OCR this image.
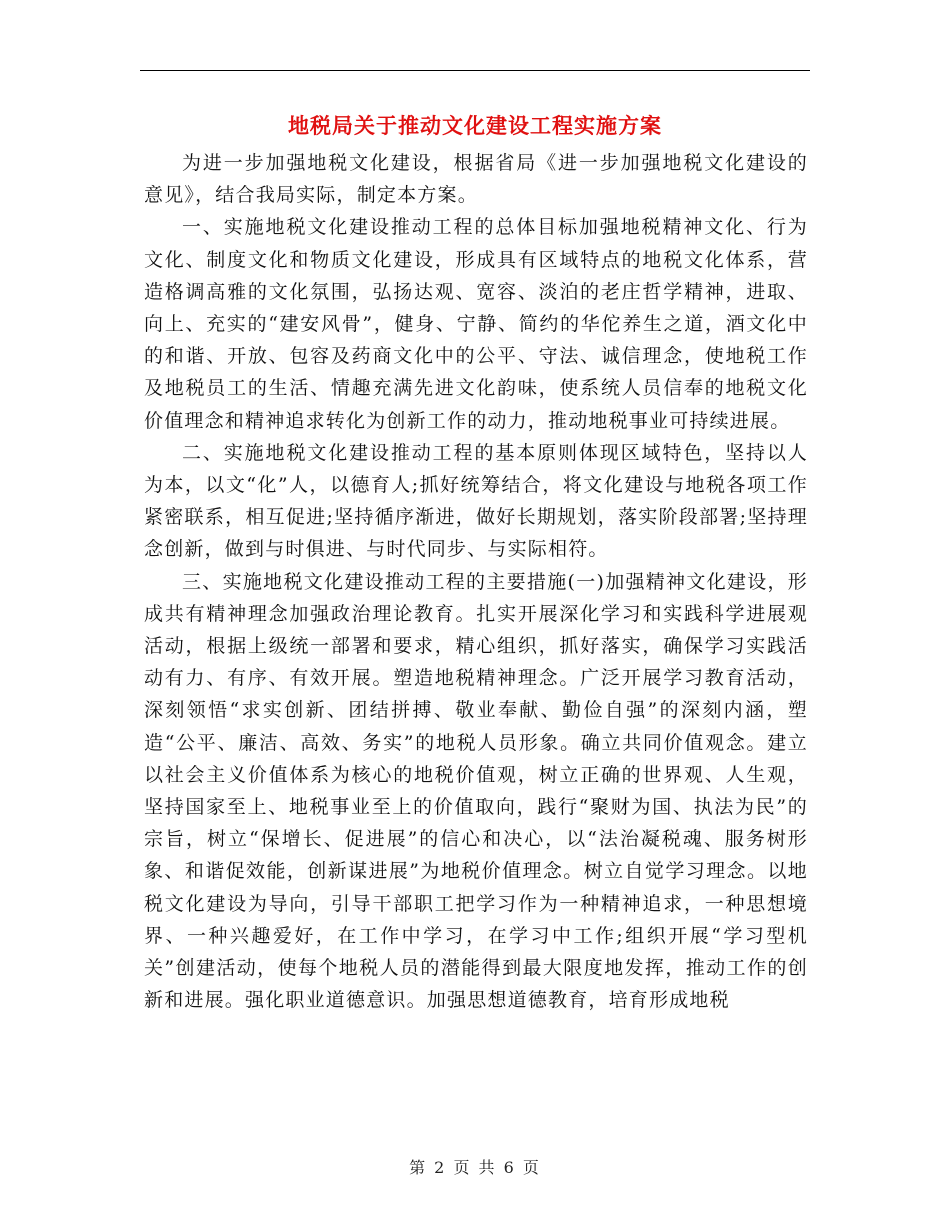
地税局关于推动文化建设工程实施方案

为进一步加强地税文化建设，根据省局《进一步加强地税文化建设的意见》，结合我局实际，制定本方案。

一、实施地税文化建设推动工程的总体目标加强地税精神文化、行为文化、制度文化和物质文化建设，形成具有区域特点的地税文化体系，营造格调高雅的文化氛围，弘扬达观、宽容、淡泊的老庄哲学精神，进取、向上、充实的“建安风骨”，健身、宁静、简约的华佗养生之道，酒文化中的和谐、开放、包容及药商文化中的公平、守法、诚信理念，使地税工作及地税员工的生活、情趣充满先进文化韵味，使系统人员信奉的地税文化价值理念和精神追求转化为创新工作的动力，推动地税事业可持续进展。

二、实施地税文化建设推动工程的基本原则体现区域特色，坚持以人为本，以文“化”人，以德育人;抓好统筹结合，将文化建设与地税各项工作紧密联系，相互促进;坚持循序渐进，做好长期规划，落实阶段部署;坚持理念创新，做到与时俱进、与时代同步、与实际相符。

三、实施地税文化建设推动工程的主要措施(一)加强精神文化建设，形成共有精神理念加强政治理论教育。扎实开展深化学习和实践科学进展观活动，根据上级统一部署和要求，精心组织，抓好落实，确保学习实践活动有力、有序、有效开展。塑造地税精神理念。广泛开展学习教育活动，深刻领悟“求实创新、团结拼搏、敬业奉献、勤俭自强”的深刻内涵，塑造“公平、廉洁、高效、务实”的地税人员形象。确立共同价值观念。建立以社会主义价值体系为核心的地税价值观，树立正确的世界观、人生观，坚持国家至上、地税事业至上的价值取向，践行“聚财为国、执法为民”的宗旨，树立“保增长、促进展”的信心和决心，以“法治凝税魂、服务树形象、和谐促效能，创新谋进展”为地税价值理念。树立自觉学习理念。以地税文化建设为导向，引导干部职工把学习作为一种精神追求，一种思想境界、一种兴趣爱好，在工作中学习，在学习中工作;组织开展“学习型机关”创建活动，使每个地税人员的潜能得到最大限度地发挥，推动工作的创新和进展。强化职业道德意识。加强思想道德教育，培育形成地税

第 2 页 共 6 页
